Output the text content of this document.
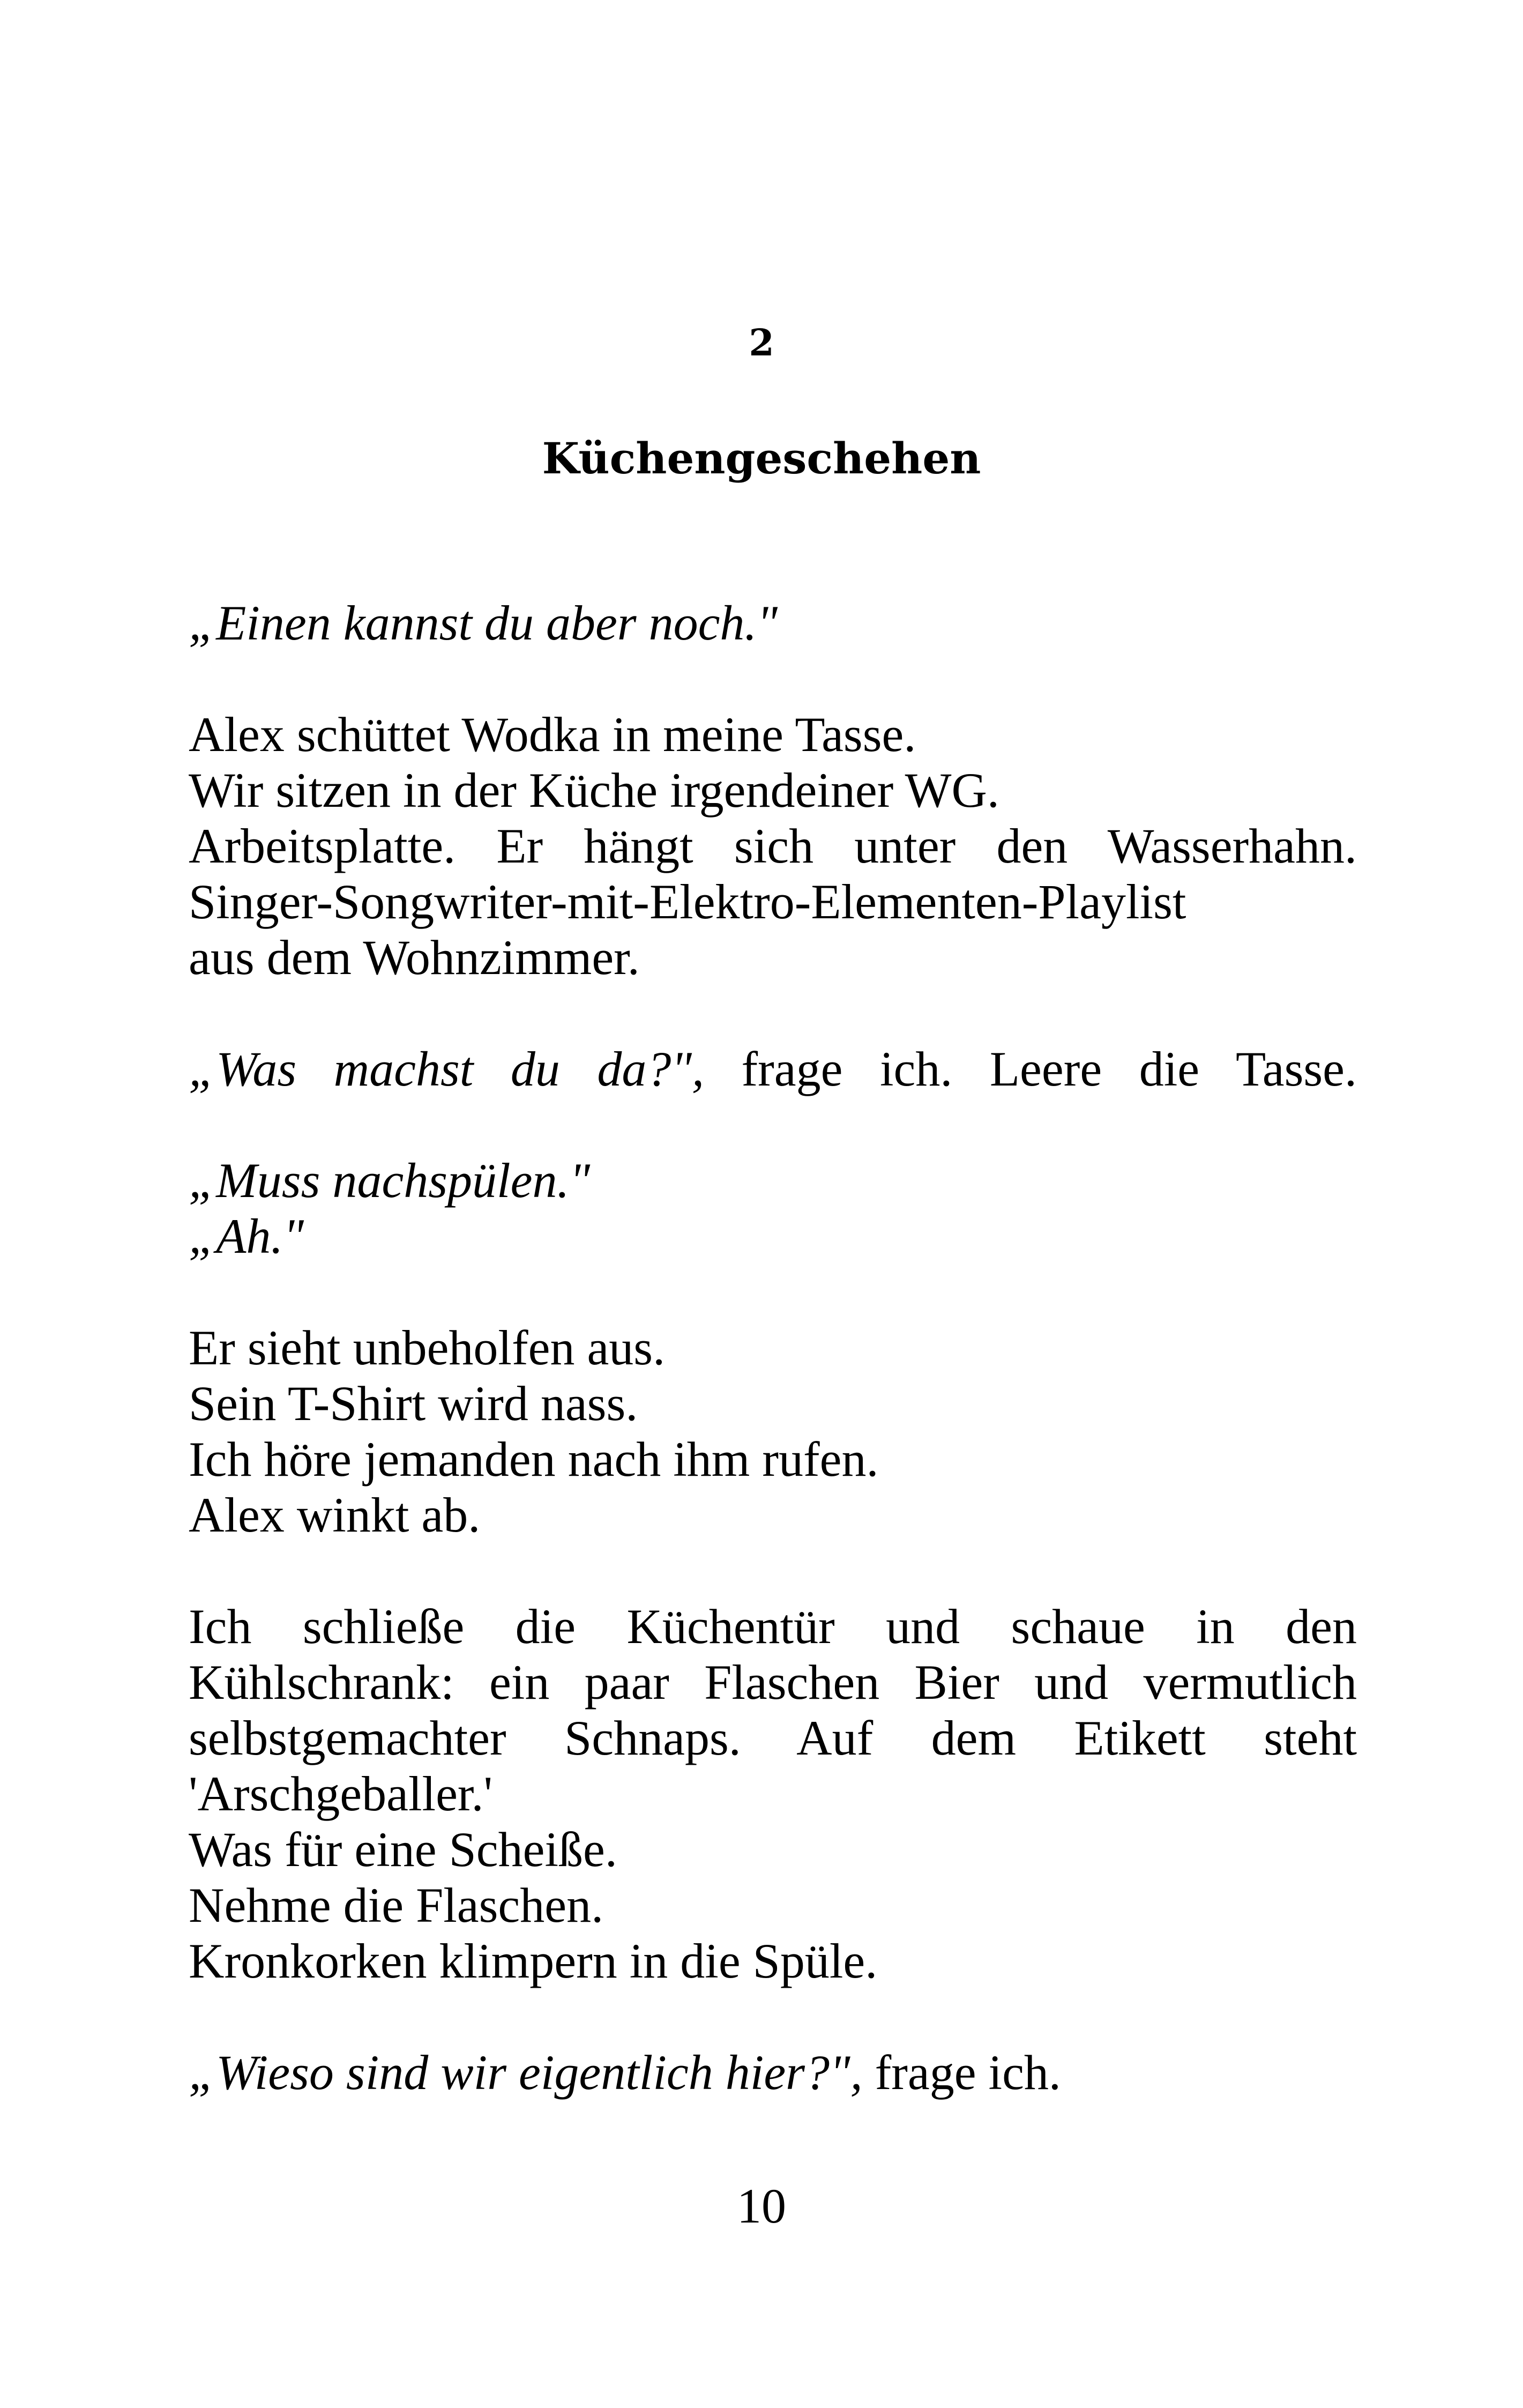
2
Küchengeschehen
„Einen kannst du aber noch."
Alex schüttet Wodka in meine Tasse.
Wir sitzen in der Küche irgendeiner WG.
Arbeitsplatte. Er hängt sich unter den Wasserhahn.
Singer-Songwriter-mit-Elektro-Elementen-Playlist
aus dem Wohnzimmer.
„Was machst du da?", frage ich. Leere die Tasse.
„Muss nachspülen."
„Ah."
Er sieht unbeholfen aus.
Sein T-Shirt wird nass.
Ich höre jemanden nach ihm rufen.
Alex winkt ab.
Ich schließe die Küchentür und schaue in den
Kühlschrank: ein paar Flaschen Bier und vermutlich
selbstgemachter Schnaps. Auf dem Etikett steht
'Arschgeballer.'
Was für eine Scheiße.
Nehme die Flaschen.
Kronkorken klimpern in die Spüle.
„Wieso sind wir eigentlich hier?", frage ich.
10
